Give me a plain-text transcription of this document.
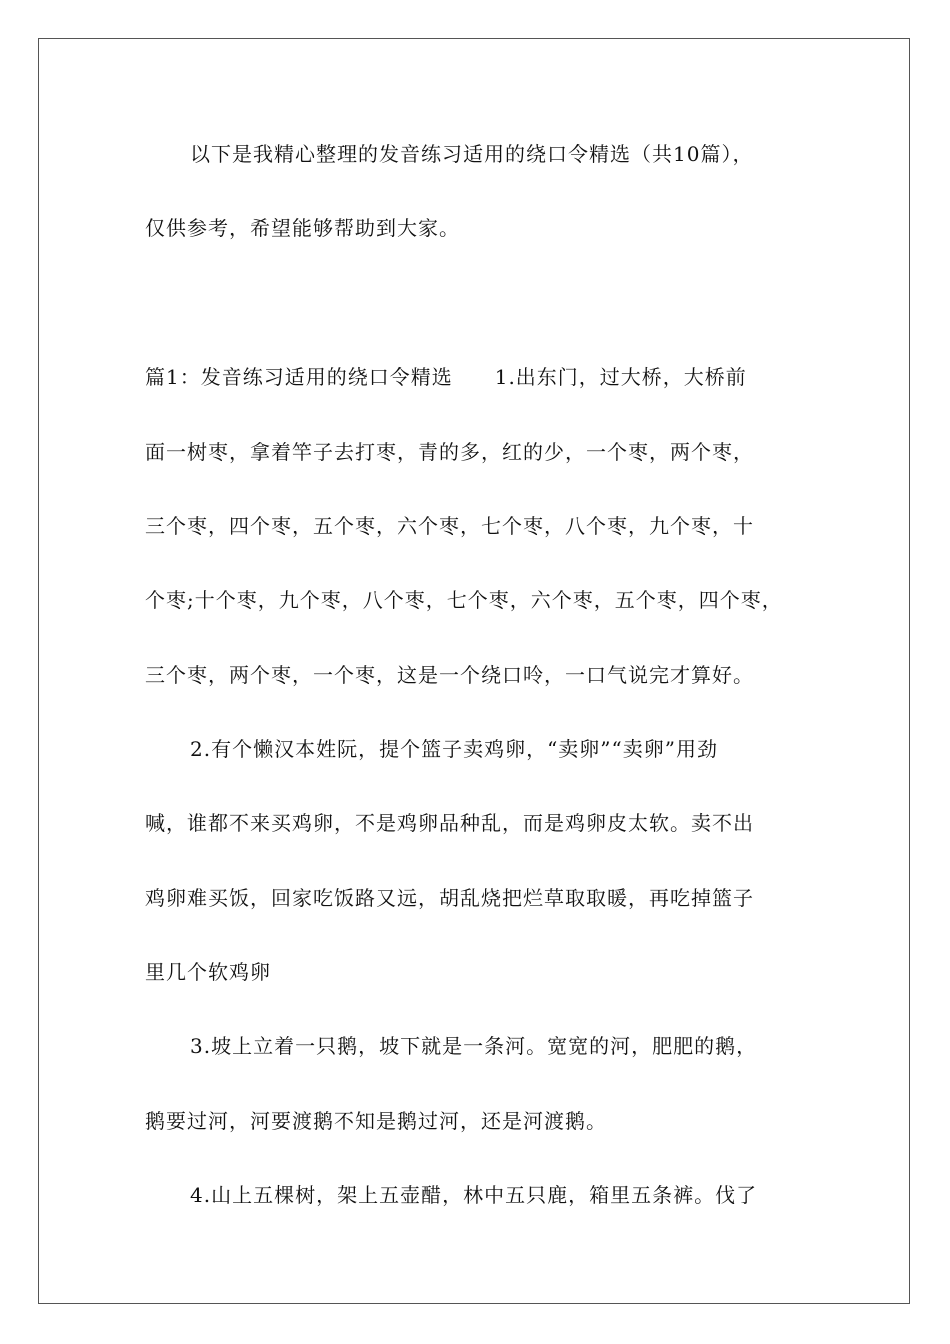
以下是我精心整理的发音练习适用的绕口令精选（共10篇），
仅供参考，希望能够帮助到大家。
篇1：发音练习适用的绕口令精选　　1.出东门，过大桥，大桥前
面一树枣，拿着竿子去打枣，青的多，红的少，一个枣，两个枣，
三个枣，四个枣，五个枣，六个枣，七个枣，八个枣，九个枣，十
个枣;十个枣，九个枣，八个枣，七个枣，六个枣，五个枣，四个枣，
三个枣，两个枣，一个枣，这是一个绕口呤，一口气说完才算好。
2.有个懒汉本姓阮，提个篮子卖鸡卵，“卖卵”“卖卵”用劲
喊，谁都不来买鸡卵，不是鸡卵品种乱，而是鸡卵皮太软。卖不出
鸡卵难买饭，回家吃饭路又远，胡乱烧把烂草取取暖，再吃掉篮子
里几个软鸡卵
3.坡上立着一只鹅，坡下就是一条河。宽宽的河，肥肥的鹅，
鹅要过河，河要渡鹅不知是鹅过河，还是河渡鹅。
4.山上五棵树，架上五壶醋，林中五只鹿，箱里五条裤。伐了
